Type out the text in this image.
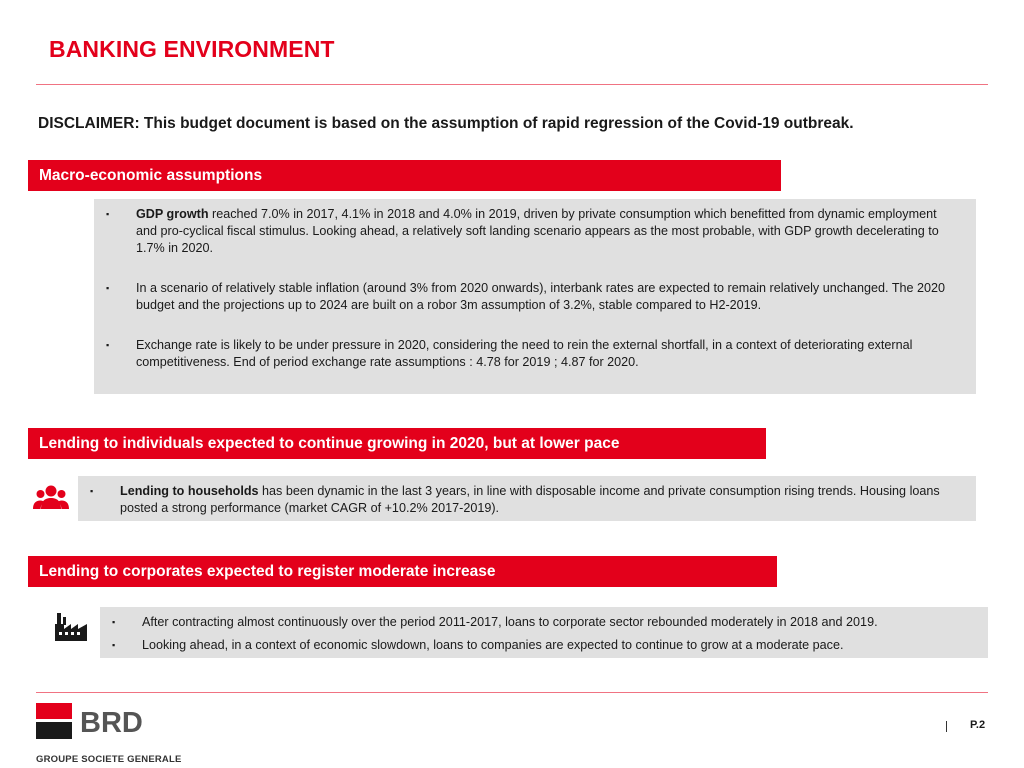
BANKING ENVIRONMENT
DISCLAIMER: This budget document is based on the assumption of rapid regression of the Covid-19 outbreak.
Macro-economic assumptions
▪ GDP growth reached 7.0% in 2017, 4.1% in 2018 and 4.0% in 2019, driven by private consumption which benefitted from dynamic employment and pro-cyclical fiscal stimulus. Looking ahead, a relatively soft landing scenario appears as the most probable, with GDP growth decelerating to 1.7% in 2020.
▪ In a scenario of relatively stable inflation (around 3% from 2020 onwards), interbank rates are expected to remain relatively unchanged. The 2020 budget and the projections up to 2024 are built on a robor 3m assumption of 3.2%, stable compared to H2-2019.
▪ Exchange rate is likely to be under pressure in 2020, considering the need to rein the external shortfall, in a context of deteriorating external competitiveness. End of period exchange rate assumptions : 4.78 for 2019 ; 4.87 for 2020.
Lending to individuals expected to continue growing in 2020, but at lower pace
▪ Lending to households has been dynamic in the last 3 years, in line with disposable income and private consumption rising trends. Housing loans posted a strong performance (market CAGR of +10.2% 2017-2019).
Lending to corporates expected to register moderate increase
▪ After contracting almost continuously over the period 2011-2017, loans to corporate sector rebounded moderately in 2018 and 2019.
▪ Looking ahead, in a context of economic slowdown, loans to companies are expected to continue to grow at a moderate pace.
BRD
GROUPE SOCIETE GENERALE
P.2
